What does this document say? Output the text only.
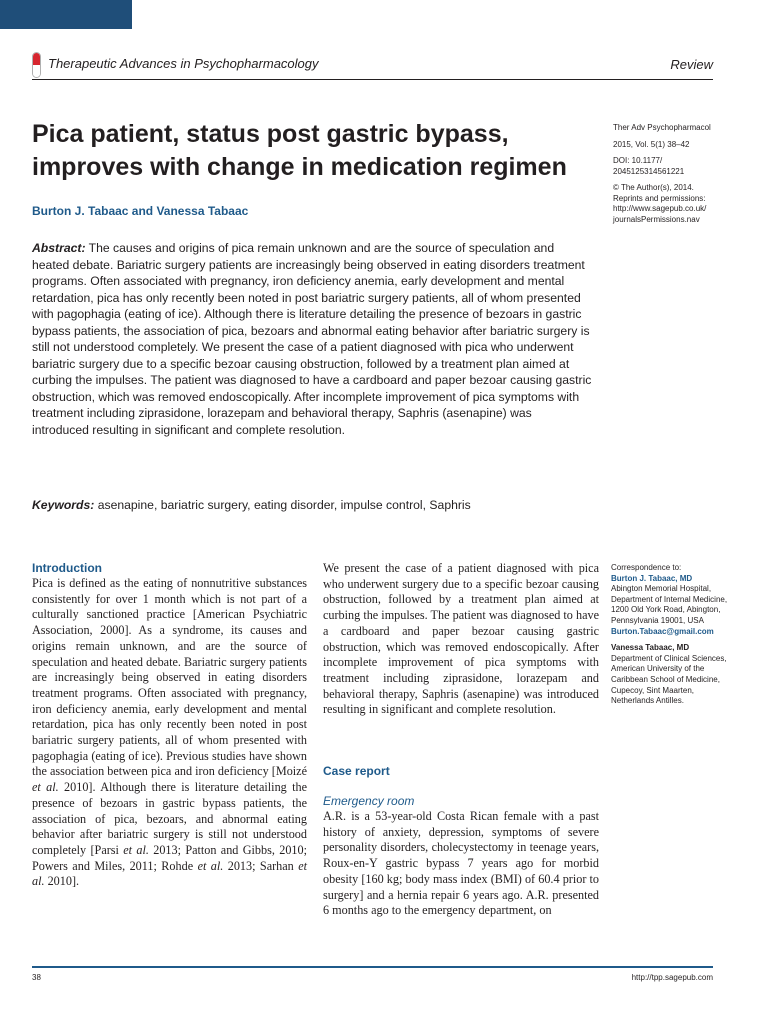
Therapeutic Advances in Psychopharmacology	Review
Pica patient, status post gastric bypass, improves with change in medication regimen
Burton J. Tabaac and Vanessa Tabaac
Ther Adv Psychopharmacol
2015, Vol. 5(1) 38–42
DOI: 10.1177/
2045125314561221
© The Author(s), 2014.
Reprints and permissions:
http://www.sagepub.co.uk/
journalsPermissions.nav

Abstract: The causes and origins of pica remain unknown and are the source of speculation and heated debate. Bariatric surgery patients are increasingly being observed in eating disorders treatment programs. Often associated with pregnancy, iron deficiency anemia, early development and mental retardation, pica has only recently been noted in post bariatric surgery patients, all of whom presented with pagophagia (eating of ice). Although there is literature detailing the presence of bezoars in gastric bypass patients, the association of pica, bezoars and abnormal eating behavior after bariatric surgery is still not understood completely. We present the case of a patient diagnosed with pica who underwent bariatric surgery due to a specific bezoar causing obstruction, followed by a treatment plan aimed at curbing the impulses. The patient was diagnosed to have a cardboard and paper bezoar causing gastric obstruction, which was removed endoscopically. After incomplete improvement of pica symptoms with treatment including ziprasidone, lorazepam and behavioral therapy, Saphris (asenapine) was introduced resulting in significant and complete resolution.

Keywords: asenapine, bariatric surgery, eating disorder, impulse control, Saphris
Introduction

Pica is defined as the eating of nonnutritive substances consistently for over 1 month which is not part of a culturally sanctioned practice [American Psychiatric Association, 2000]. As a syndrome, its causes and origins remain unknown, and are the source of speculation and heated debate. Bariatric surgery patients are increasingly being observed in eating disorders treatment programs. Often associated with pregnancy, iron deficiency anemia, early development and mental retardation, pica has only recently been noted in post bariatric surgery patients, all of whom presented with pagophagia (eating of ice). Previous studies have shown the association between pica and iron deficiency [Moizé et al. 2010]. Although there is literature detailing the presence of bezoars in gastric bypass patients, the association of pica, bezoars, and abnormal eating behavior after bariatric surgery is still not understood completely [Parsi et al. 2013; Patton and Gibbs, 2010; Powers and Miles, 2011; Rohde et al. 2013; Sarhan et al. 2010].

We present the case of a patient diagnosed with pica who underwent surgery due to a specific bezoar causing obstruction, followed by a treatment plan aimed at curbing the impulses. The patient was diagnosed to have a cardboard and paper bezoar causing gastric obstruction, which was removed endoscopically. After incomplete improvement of pica symptoms with treatment including ziprasidone, lorazepam and behavioral therapy, Saphris (asenapine) was introduced resulting in significant and complete resolution.

Case report
Emergency room

A.R. is a 53-year-old Costa Rican female with a past history of anxiety, depression, symptoms of severe personality disorders, cholecystectomy in teenage years, Roux-en-Y gastric bypass 7 years ago for morbid obesity [160 kg; body mass index (BMI) of 60.4 prior to surgery] and a hernia repair 6 years ago. A.R. presented 6 months ago to the emergency department, on

Correspondence to:
Burton J. Tabaac, MD
Abington Memorial Hospital, Department of Internal Medicine, 1200 Old York Road, Abington, Pennsylvania 19001, USA
Burton.Tabaac@gmail.com
Vanessa Tabaac, MD
Department of Clinical Sciences, American University of the Caribbean School of Medicine, Cupecoy, Sint Maarten, Netherlands Antilles.
38	http://tpp.sagepub.com
